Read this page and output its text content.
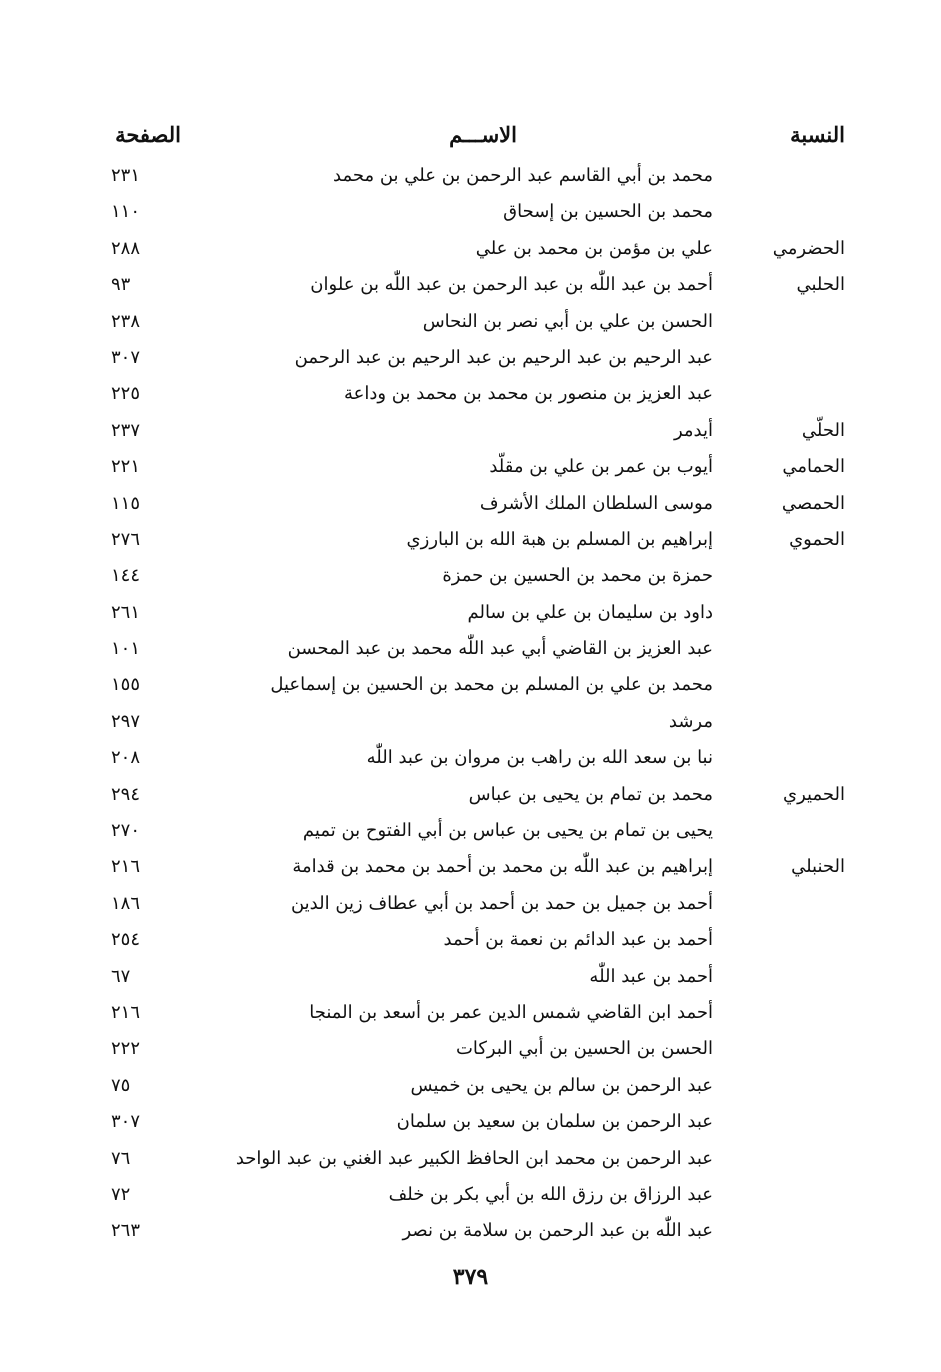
النسبة
الاســـم
الصفحة
محمد بن أبي القاسم عبد الرحمن بن علي بن محمد
٢٣١
محمد بن الحسين بن إسحاق
١١٠
الحضرمي
علي بن مؤمن بن محمد بن علي
٢٨٨
الحلبي
أحمد بن عبد اللّٰه بن عبد الرحمن بن عبد اللّٰه بن علوان
٩٣
الحسن بن علي بن أبي نصر بن النحاس
٢٣٨
عبد الرحيم بن عبد الرحيم بن عبد الرحيم بن عبد الرحمن
٣٠٧
عبد العزيز بن منصور بن محمد بن محمد بن وداعة
٢٢٥
الحلّي
أيدمر
٢٣٧
الحمامي
أيوب بن عمر بن علي بن مقلّد
٢٢١
الحمصي
موسى السلطان الملك الأشرف
١١٥
الحموي
إبراهيم بن المسلم بن هبة الله بن البارزي
٢٧٦
حمزة بن محمد بن الحسين بن حمزة
١٤٤
داود بن سليمان بن علي بن سالم
٢٦١
عبد العزيز بن القاضي أبي عبد اللّٰه محمد بن عبد المحسن
١٠١
محمد بن علي بن المسلم بن محمد بن الحسين بن إسماعيل
١٥٥
مرشد
٢٩٧
نبا بن سعد الله بن راهب بن مروان بن عبد اللّٰه
٢٠٨
الحميري
محمد بن تمام بن يحيى بن عباس
٢٩٤
يحيى بن تمام بن يحيى بن عباس بن أبي الفتوح بن تميم
٢٧٠
الحنبلي
إبراهيم بن عبد اللّٰه بن محمد بن أحمد بن محمد بن قدامة
٢١٦
أحمد بن جميل بن حمد بن أحمد بن أبي عطاف زين الدين
١٨٦
أحمد بن عبد الدائم بن نعمة بن أحمد
٢٥٤
أحمد بن عبد اللّٰه
٦٧
أحمد ابن القاضي شمس الدين عمر بن أسعد بن المنجا
٢١٦
الحسن بن الحسين بن أبي البركات
٢٢٢
عبد الرحمن بن سالم بن يحيى بن خميس
٧٥
عبد الرحمن بن سلمان بن سعيد بن سلمان
٣٠٧
عبد الرحمن بن محمد ابن الحافظ الكبير عبد الغني بن عبد الواحد
٧٦
عبد الرزاق بن رزق الله بن أبي بكر بن خلف
٧٢
عبد اللّٰه بن عبد الرحمن بن سلامة بن نصر
٢٦٣
٣٧٩
